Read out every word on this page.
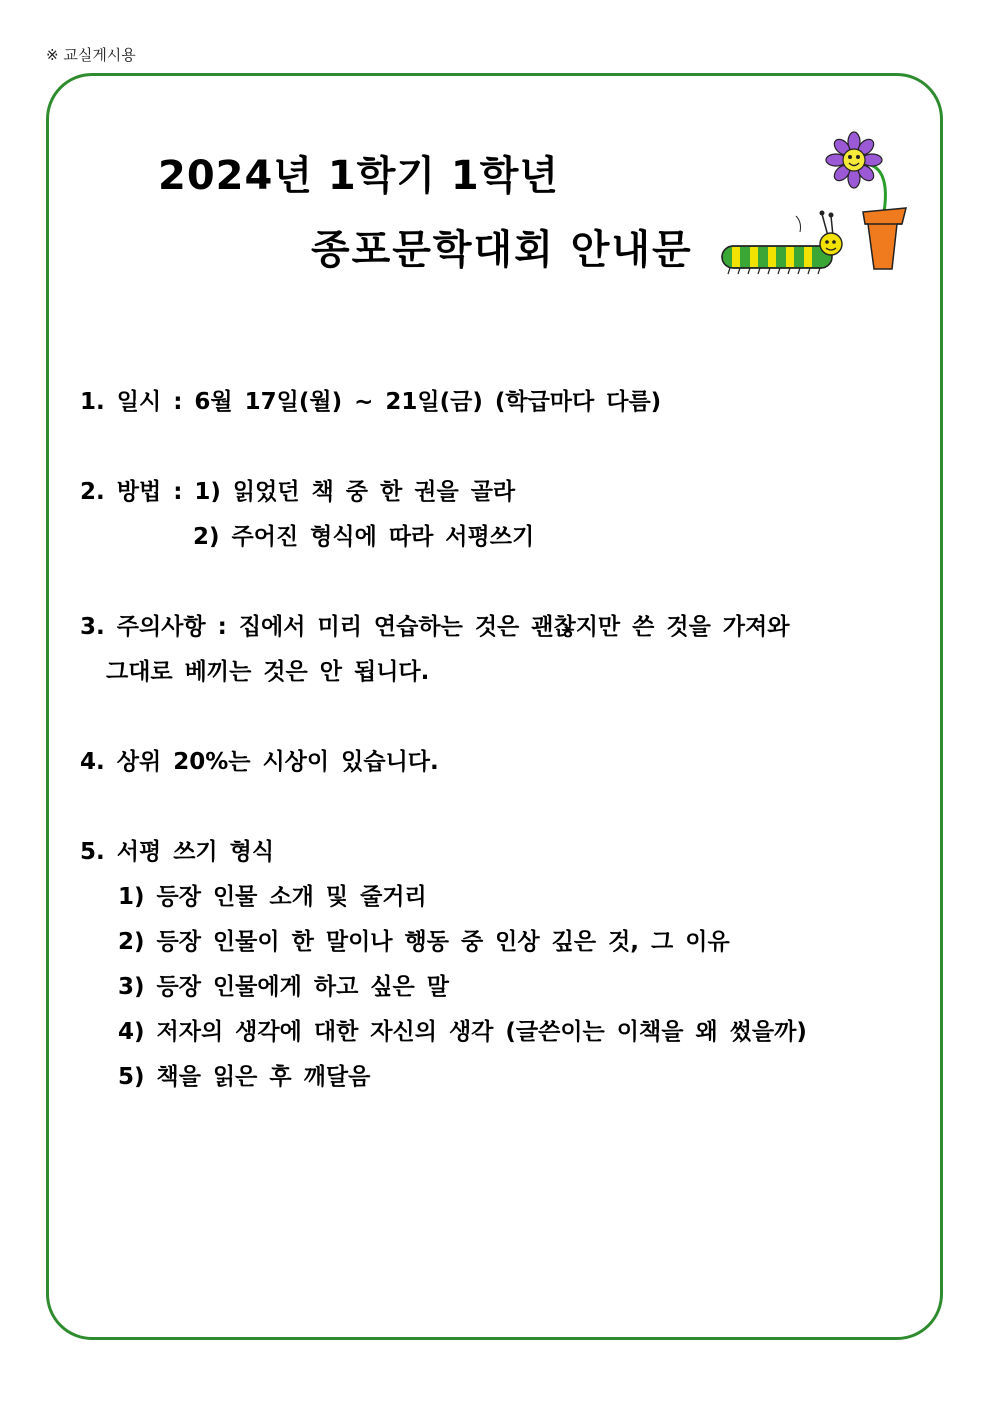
※ 교실게시용
2024년 1학기 1학년
종포문학대회 안내문
1. 일시 : 6월 17일(월) ~ 21일(금) (학급마다 다름)
2. 방법 : 1) 읽었던 책 중 한 권을 골라
2) 주어진 형식에 따라 서평쓰기
3. 주의사항 : 집에서 미리 연습하는 것은 괜찮지만 쓴 것을 가져와
그대로 베끼는 것은 안 됩니다.
4. 상위 20%는 시상이 있습니다.
5. 서평 쓰기 형식
1) 등장 인물 소개 및 줄거리
2) 등장 인물이 한 말이나 행동 중 인상 깊은 것, 그 이유
3) 등장 인물에게 하고 싶은 말
4) 저자의 생각에 대한 자신의 생각 (글쓴이는 이책을 왜 썼을까)
5) 책을 읽은 후 깨달음
